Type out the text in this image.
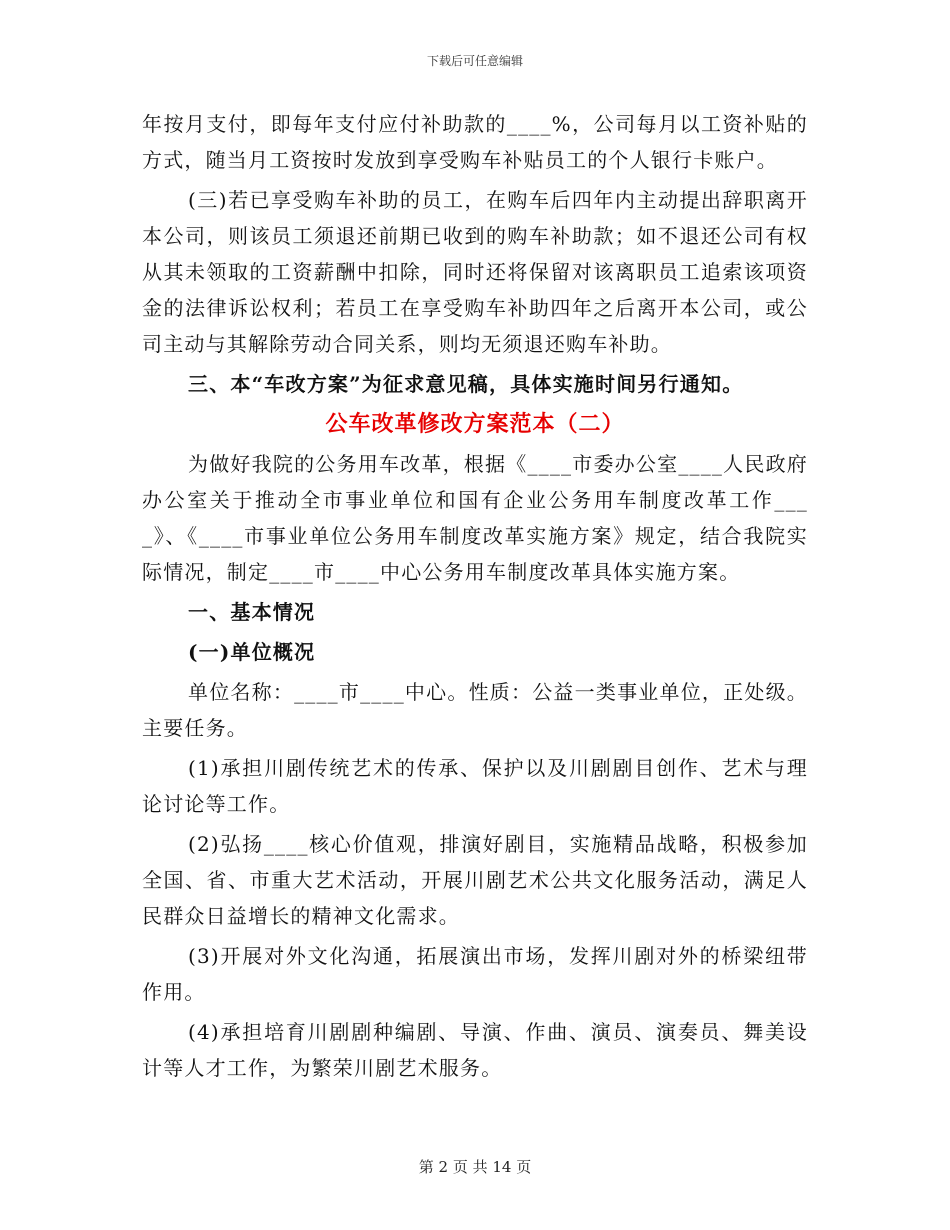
下载后可任意编辑

年按月支付，即每年支付应付补助款的____%，公司每月以工资补贴的方式，随当月工资按时发放到享受购车补贴员工的个人银行卡账户。

(三)若已享受购车补助的员工，在购车后四年内主动提出辞职离开本公司，则该员工须退还前期已收到的购车补助款；如不退还公司有权从其未领取的工资薪酬中扣除，同时还将保留对该离职员工追索该项资金的法律诉讼权利；若员工在享受购车补助四年之后离开本公司，或公司主动与其解除劳动合同关系，则均无须退还购车补助。

三、本“车改方案”为征求意见稿，具体实施时间另行通知。

公车改革修改方案范本（二）

为做好我院的公务用车改革，根据《____市委办公室____人民政府办公室关于推动全市事业单位和国有企业公务用车制度改革工作____》、《____市事业单位公务用车制度改革实施方案》规定，结合我院实际情况，制定____市____中心公务用车制度改革具体实施方案。

一、基本情况

(一)单位概况

单位名称：____市____中心。性质：公益一类事业单位，正处级。主要任务。

(1)承担川剧传统艺术的传承、保护以及川剧剧目创作、艺术与理论讨论等工作。

(2)弘扬____核心价值观，排演好剧目，实施精品战略，积极参加全国、省、市重大艺术活动，开展川剧艺术公共文化服务活动，满足人民群众日益增长的精神文化需求。

(3)开展对外文化沟通，拓展演出市场，发挥川剧对外的桥梁纽带作用。

(4)承担培育川剧剧种编剧、导演、作曲、演员、演奏员、舞美设计等人才工作，为繁荣川剧艺术服务。

第 2 页 共 14 页
